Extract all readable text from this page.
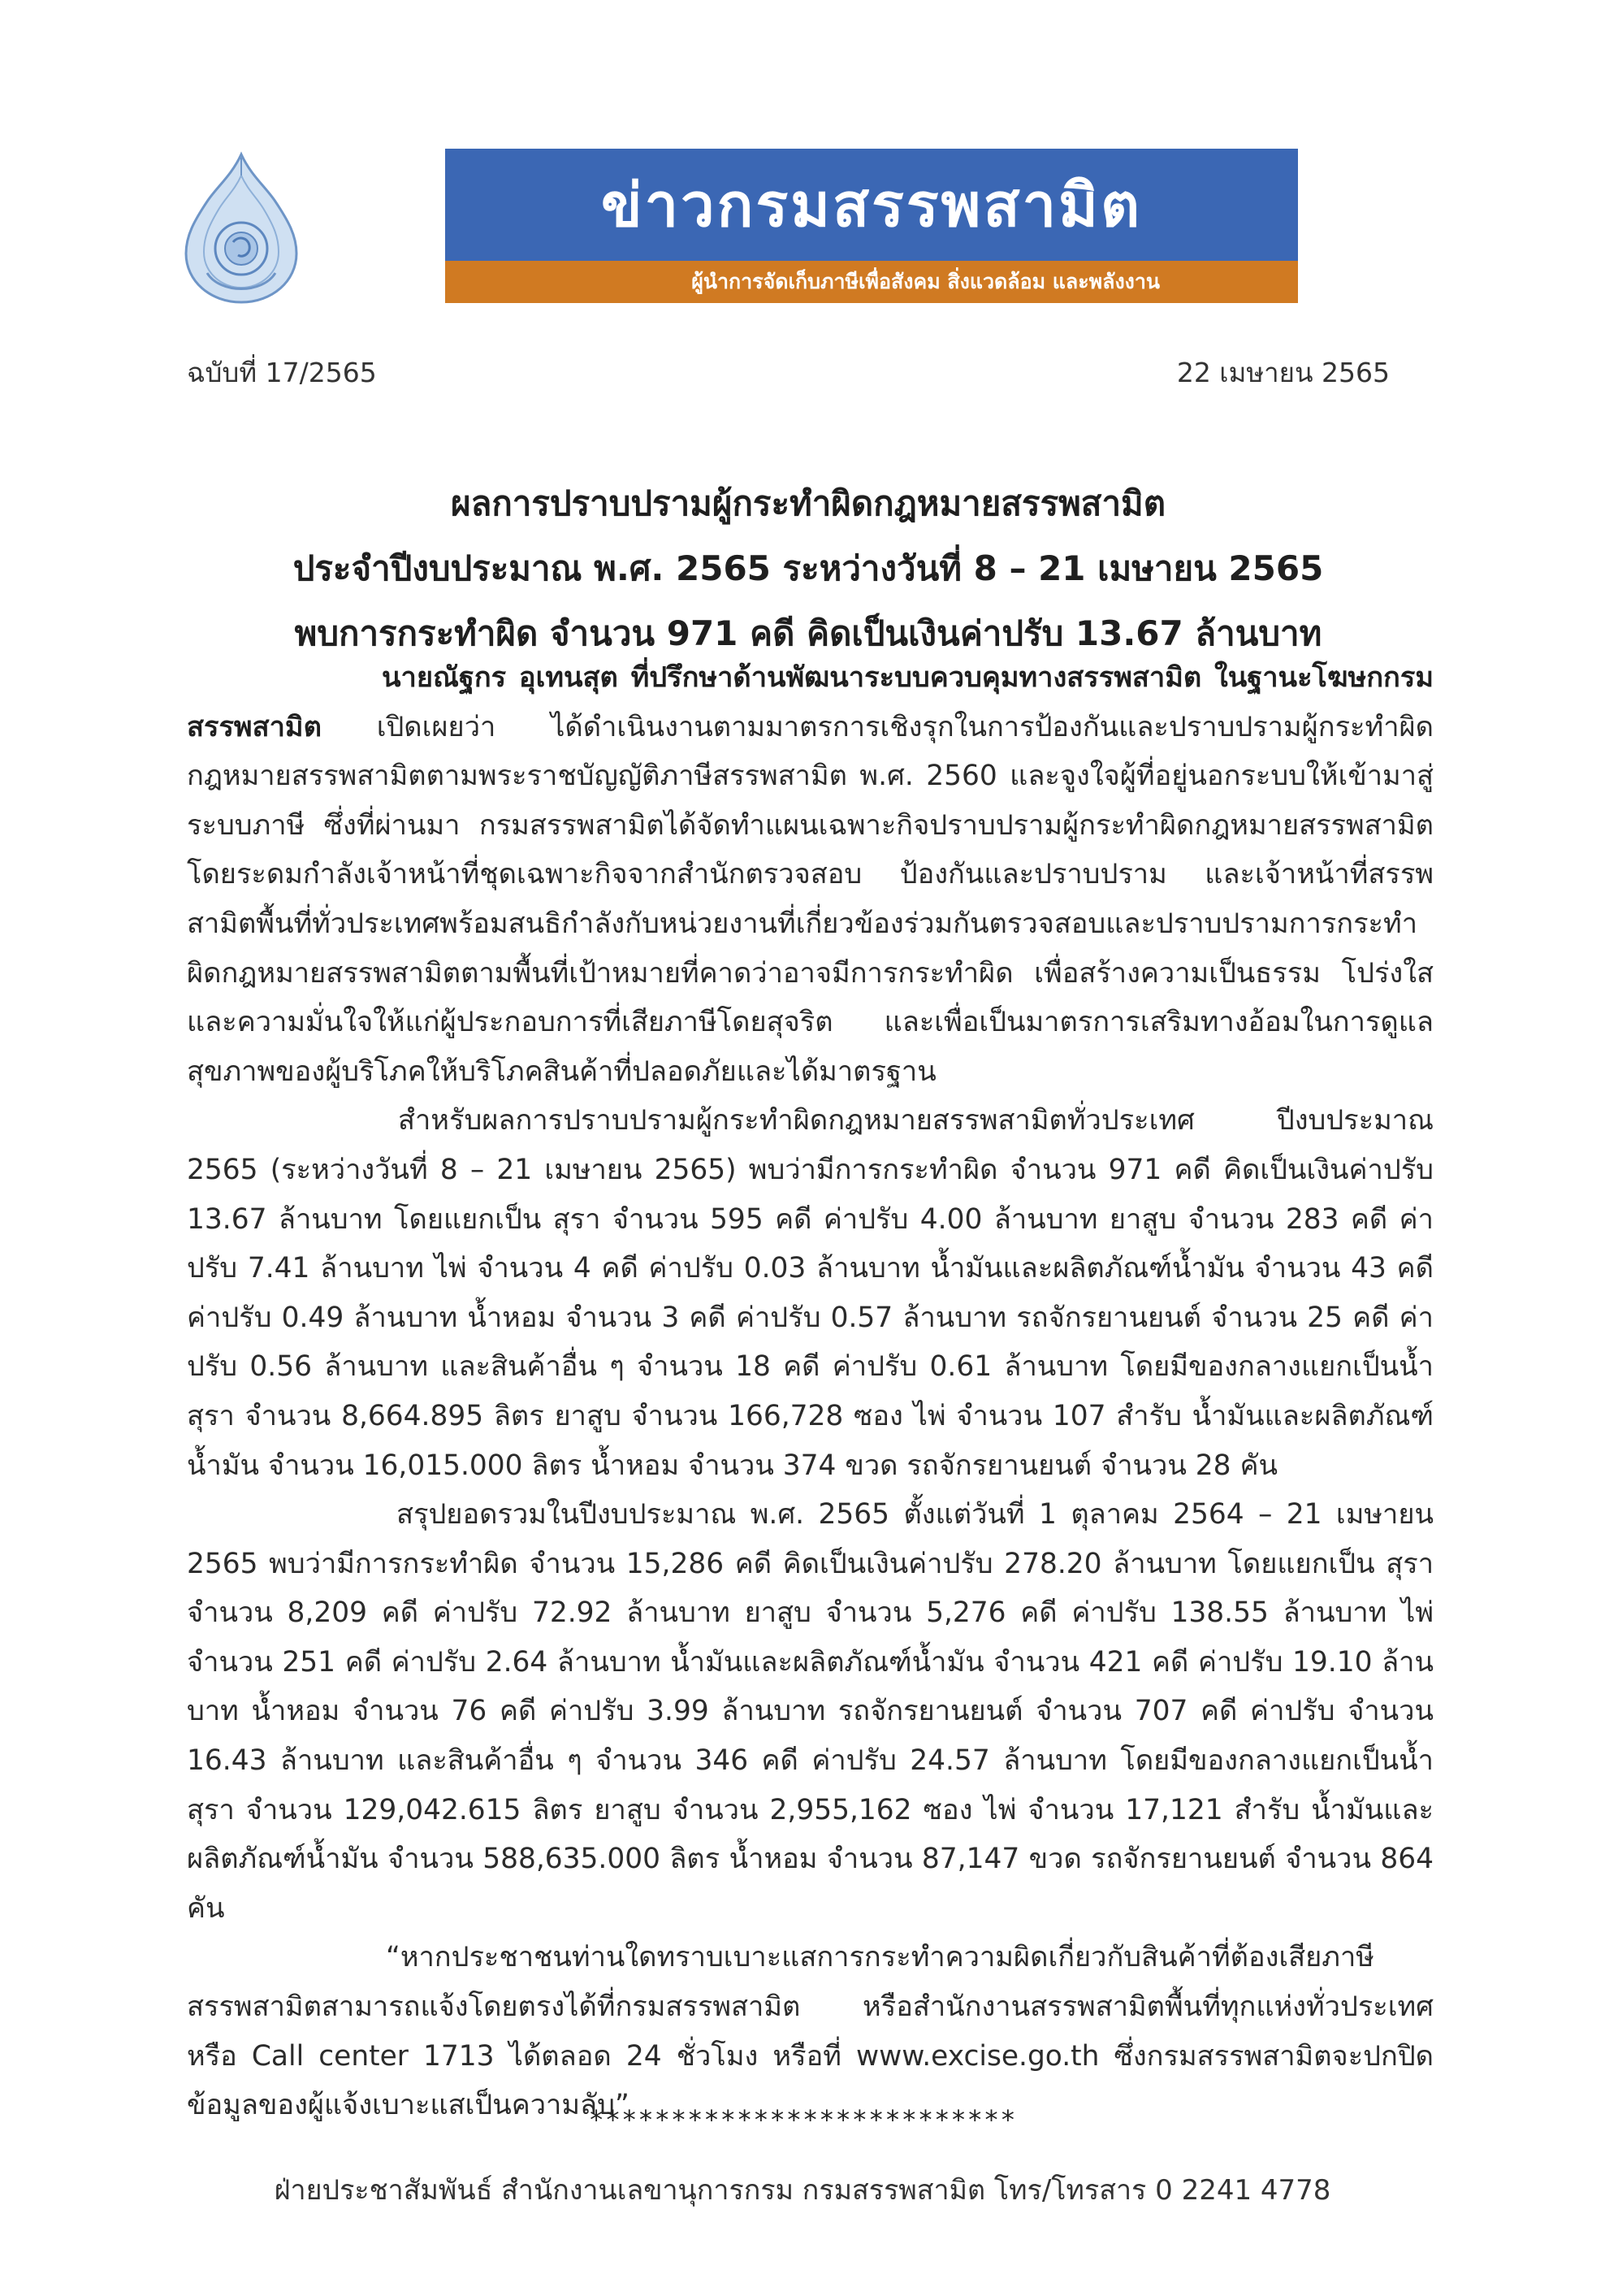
ข่าวกรมสรรพสามิต
ผู้นำการจัดเก็บภาษีเพื่อสังคม สิ่งแวดล้อม และพลังงาน
ฉบับที่ 17/2565	22 เมษายน 2565
ผลการปราบปรามผู้กระทำผิดกฎหมายสรรพสามิต
ประจำปีงบประมาณ พ.ศ. 2565 ระหว่างวันที่ 8 – 21 เมษายน 2565
พบการกระทำผิด จำนวน 971 คดี คิดเป็นเงินค่าปรับ 13.67 ล้านบาท

นายณัฐกร อุเทนสุต ที่ปรึกษาด้านพัฒนาระบบควบคุมทางสรรพสามิต ในฐานะโฆษกกรมสรรพสามิต เปิดเผยว่า ได้ดำเนินงานตามมาตรการเชิงรุกในการป้องกันและปราบปรามผู้กระทำผิดกฎหมายสรรพสามิตตามพระราชบัญญัติภาษีสรรพสามิต พ.ศ. 2560 และจูงใจผู้ที่อยู่นอกระบบให้เข้ามาสู่ระบบภาษี ซึ่งที่ผ่านมา กรมสรรพสามิตได้จัดทำแผนเฉพาะกิจปราบปรามผู้กระทำผิดกฎหมายสรรพสามิตโดยระดมกำลังเจ้าหน้าที่ชุดเฉพาะกิจจากสำนักตรวจสอบ ป้องกันและปราบปราม และเจ้าหน้าที่สรรพสามิตพื้นที่ทั่วประเทศพร้อมสนธิกำลังกับหน่วยงานที่เกี่ยวข้องร่วมกันตรวจสอบและปราบปรามการกระทำผิดกฎหมายสรรพสามิตตามพื้นที่เป้าหมายที่คาดว่าอาจมีการกระทำผิด เพื่อสร้างความเป็นธรรม โปร่งใส และความมั่นใจให้แก่ผู้ประกอบการที่เสียภาษีโดยสุจริต และเพื่อเป็นมาตรการเสริมทางอ้อมในการดูแลสุขภาพของผู้บริโภคให้บริโภคสินค้าที่ปลอดภัยและได้มาตรฐาน

สำหรับผลการปราบปรามผู้กระทำผิดกฎหมายสรรพสามิตทั่วประเทศ ปีงบประมาณ 2565 (ระหว่างวันที่ 8 – 21 เมษายน 2565) พบว่ามีการกระทำผิด จำนวน 971 คดี คิดเป็นเงินค่าปรับ 13.67 ล้านบาท โดยแยกเป็น สุรา จำนวน 595 คดี ค่าปรับ 4.00 ล้านบาท ยาสูบ จำนวน 283 คดี ค่าปรับ 7.41 ล้านบาท ไพ่ จำนวน 4 คดี ค่าปรับ 0.03 ล้านบาท น้ำมันและผลิตภัณฑ์น้ำมัน จำนวน 43 คดี ค่าปรับ 0.49 ล้านบาท น้ำหอม จำนวน 3 คดี ค่าปรับ 0.57 ล้านบาท รถจักรยานยนต์ จำนวน 25 คดี ค่าปรับ 0.56 ล้านบาท และสินค้าอื่น ๆ จำนวน 18 คดี ค่าปรับ 0.61 ล้านบาท โดยมีของกลางแยกเป็นน้ำสุรา จำนวน 8,664.895 ลิตร ยาสูบ จำนวน 166,728 ซอง ไพ่ จำนวน 107 สำรับ น้ำมันและผลิตภัณฑ์น้ำมัน จำนวน 16,015.000 ลิตร น้ำหอม จำนวน 374 ขวด รถจักรยานยนต์ จำนวน 28 คัน

สรุปยอดรวมในปีงบประมาณ พ.ศ. 2565 ตั้งแต่วันที่ 1 ตุลาคม 2564 – 21 เมษายน 2565 พบว่ามีการกระทำผิด จำนวน 15,286 คดี คิดเป็นเงินค่าปรับ 278.20 ล้านบาท โดยแยกเป็น สุรา จำนวน 8,209 คดี ค่าปรับ 72.92 ล้านบาท ยาสูบ จำนวน 5,276 คดี ค่าปรับ 138.55 ล้านบาท ไพ่ จำนวน 251 คดี ค่าปรับ 2.64 ล้านบาท น้ำมันและผลิตภัณฑ์น้ำมัน จำนวน 421 คดี ค่าปรับ 19.10 ล้านบาท น้ำหอม จำนวน 76 คดี ค่าปรับ 3.99 ล้านบาท รถจักรยานยนต์ จำนวน 707 คดี ค่าปรับ จำนวน 16.43 ล้านบาท และสินค้าอื่น ๆ จำนวน 346 คดี ค่าปรับ 24.57 ล้านบาท โดยมีของกลางแยกเป็นน้ำสุรา จำนวน 129,042.615 ลิตร ยาสูบ จำนวน 2,955,162 ซอง ไพ่ จำนวน 17,121 สำรับ น้ำมันและผลิตภัณฑ์น้ำมัน จำนวน 588,635.000 ลิตร น้ำหอม จำนวน 87,147 ขวด รถจักรยานยนต์ จำนวน 864 คัน

“หากประชาชนท่านใดทราบเบาะแสการกระทำความผิดเกี่ยวกับสินค้าที่ต้องเสียภาษีสรรพสามิตสามารถแจ้งโดยตรงได้ที่กรมสรรพสามิต หรือสำนักงานสรรพสามิตพื้นที่ทุกแห่งทั่วประเทศ หรือ Call center 1713 ได้ตลอด 24 ชั่วโมง หรือที่ www.excise.go.th ซึ่งกรมสรรพสามิตจะปกปิดข้อมูลของผู้แจ้งเบาะแสเป็นความลับ”

**************************
ฝ่ายประชาสัมพันธ์ สำนักงานเลขานุการกรม กรมสรรพสามิต โทร/โทรสาร 0 2241 4778
